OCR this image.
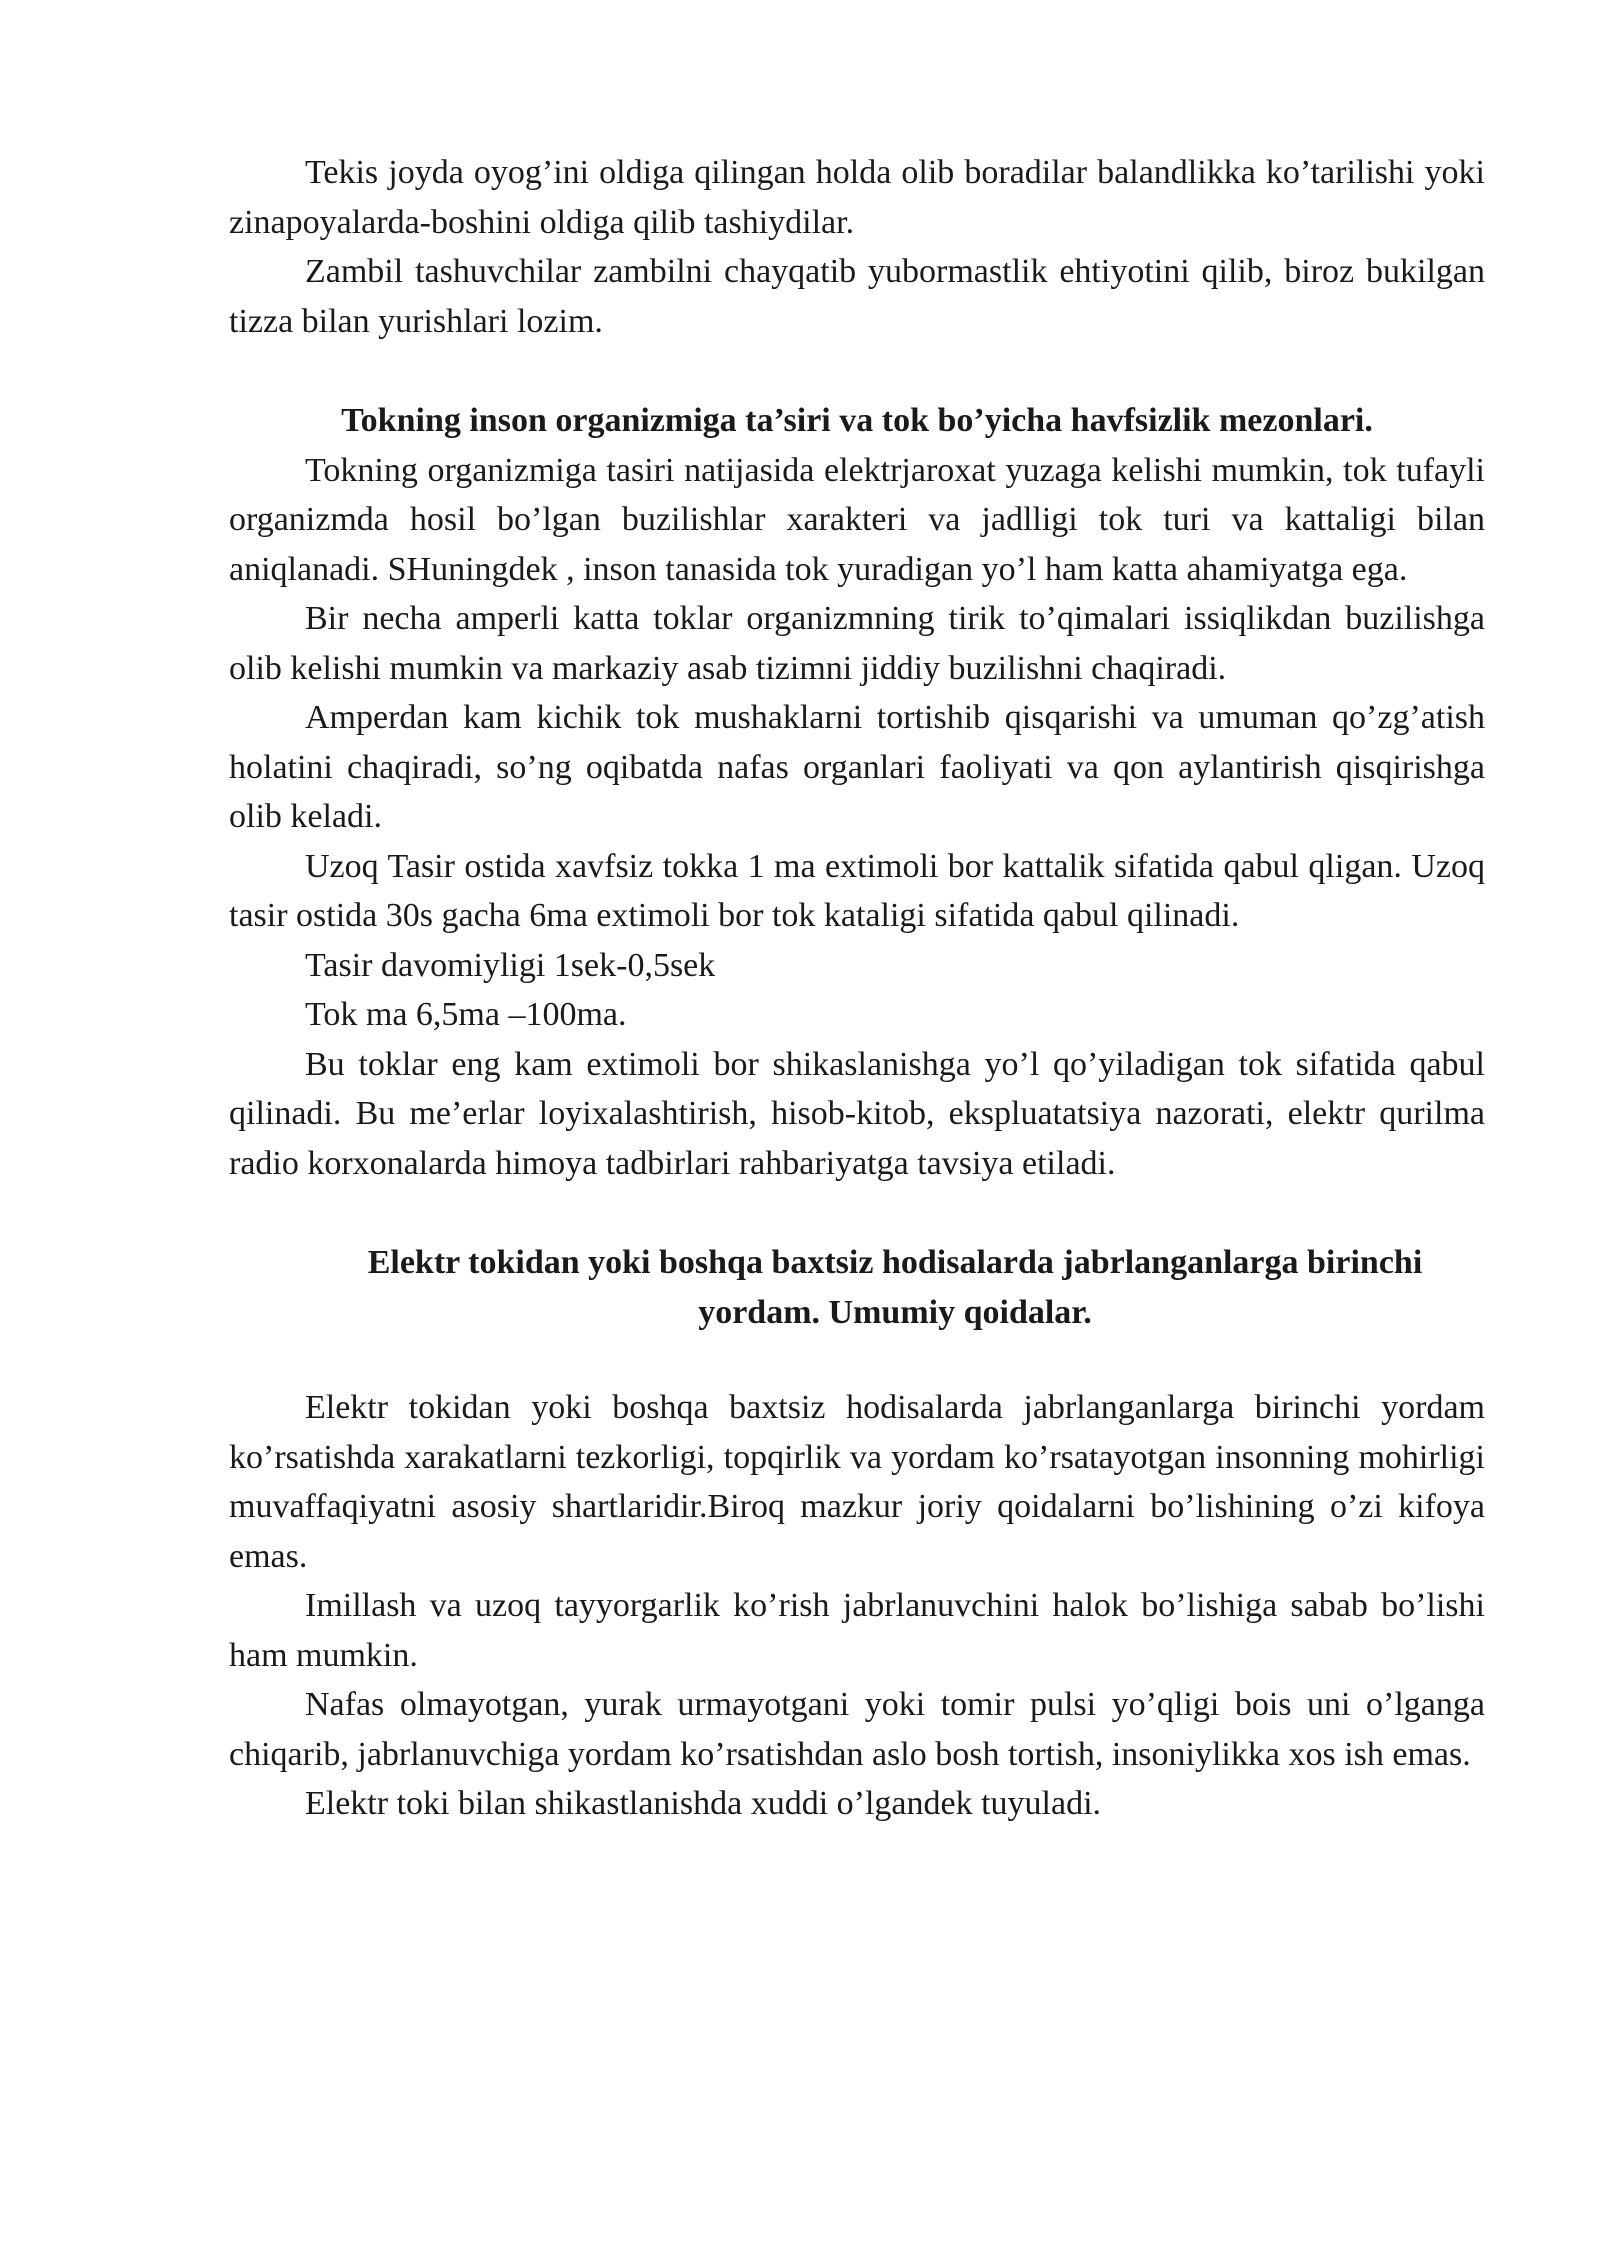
Tekis joyda oyog’ini oldiga qilingan holda olib boradilar balandlikka ko’tarilishi yoki zinapoyalarda-boshini oldiga qilib tashiydilar.

Zambil tashuvchilar zambilni chayqatib yubormastlik ehtiyotini qilib, biroz bukilgan tizza bilan yurishlari lozim.

Tokning inson organizmiga ta’siri va tok bo’yicha havfsizlik mezonlari.

Tokning organizmiga tasiri natijasida elektrjaroxat yuzaga kelishi mumkin, tok tufayli organizmda hosil bo’lgan buzilishlar xarakteri va jadlligi tok turi va kattaligi bilan aniqlanadi. SHuningdek , inson tanasida tok yuradigan yo’l ham katta ahamiyatga ega.

Bir necha amperli katta toklar organizmning tirik to’qimalari issiqlikdan buzilishga olib kelishi mumkin va markaziy asab tizimni jiddiy buzilishni chaqiradi.

Amperdan kam kichik tok mushaklarni tortishib qisqarishi va umuman qo’zg’atish holatini chaqiradi, so’ng oqibatda nafas organlari faoliyati va qon aylantirish qisqirishga olib keladi.

Uzoq Tasir ostida xavfsiz tokka 1 ma extimoli bor kattalik sifatida qabul qligan. Uzoq tasir ostida 30s gacha 6ma extimoli bor tok kataligi sifatida qabul qilinadi.

Tasir davomiyligi 1sek-0,5sek

Tok ma 6,5ma –100ma.

Bu toklar eng kam extimoli bor shikaslanishga yo’l qo’yiladigan tok sifatida qabul qilinadi. Bu me’erlar loyixalashtirish, hisob-kitob, ekspluatatsiya nazorati, elektr qurilma radio korxonalarda himoya tadbirlari rahbariyatga tavsiya etiladi.

Elektr tokidan yoki boshqa baxtsiz hodisalarda jabrlanganlarga birinchi
yordam. Umumiy qoidalar.

Elektr tokidan yoki boshqa baxtsiz hodisalarda jabrlanganlarga birinchi yordam ko’rsatishda xarakatlarni tezkorligi, topqirlik va yordam ko’rsatayotgan insonning mohirligi muvaffaqiyatni asosiy shartlaridir.Biroq mazkur joriy qoidalarni bo’lishining o’zi kifoya emas.

Imillash va uzoq tayyorgarlik ko’rish jabrlanuvchini halok bo’lishiga sabab bo’lishi ham mumkin.

Nafas olmayotgan, yurak urmayotgani yoki tomir pulsi yo’qligi bois uni o’lganga chiqarib, jabrlanuvchiga yordam ko’rsatishdan aslo bosh tortish, insoniylikka xos ish emas.

Elektr toki bilan shikastlanishda xuddi o’lgandek tuyuladi.
